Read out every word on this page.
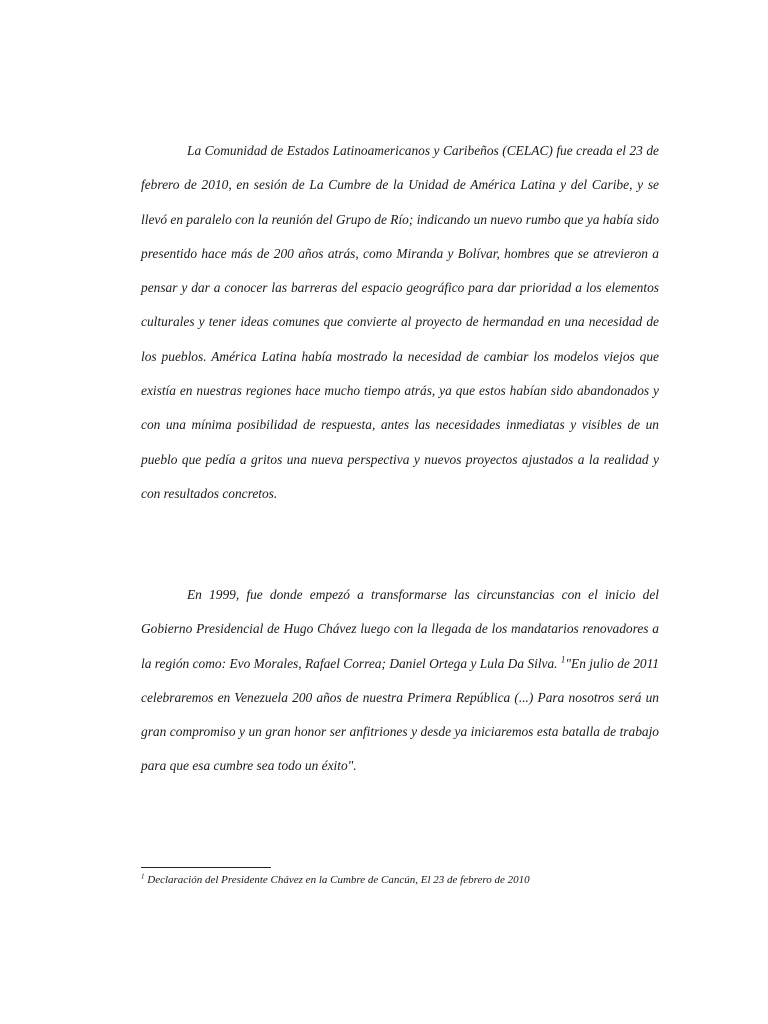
La Comunidad de Estados Latinoamericanos y Caribeños (CELAC) fue creada el 23 de febrero de 2010, en sesión de La Cumbre de la Unidad de América Latina y del Caribe, y se llevó en paralelo con la reunión del Grupo de Río; indicando un nuevo rumbo que ya había sido presentido hace más de 200 años atrás, como Miranda y Bolívar, hombres que se atrevieron a pensar y dar a conocer las barreras del espacio geográfico para dar prioridad a los elementos culturales y tener ideas comunes que convierte al proyecto de hermandad en una necesidad de los pueblos. América Latina había mostrado la necesidad de cambiar los modelos viejos que existía en nuestras regiones hace mucho tiempo atrás, ya que estos habían sido abandonados y con una mínima posibilidad de respuesta, antes las necesidades inmediatas y visibles de un pueblo que pedía a gritos una nueva perspectiva y nuevos proyectos ajustados a la realidad y con resultados concretos.

En 1999, fue donde empezó a transformarse las circunstancias con el inicio del Gobierno Presidencial de Hugo Chávez luego con la llegada de los mandatarios renovadores a la región como: Evo Morales, Rafael Correa; Daniel Ortega y Lula Da Silva. $^1$"En julio de 2011 celebraremos en Venezuela 200 años de nuestra Primera República (...) Para nosotros será un gran compromiso y un gran honor ser anfitriones y desde ya iniciaremos esta batalla de trabajo para que esa cumbre sea todo un éxito".

$^1$ Declaración del Presidente Chávez en la Cumbre de Cancún, El 23 de febrero de 2010
